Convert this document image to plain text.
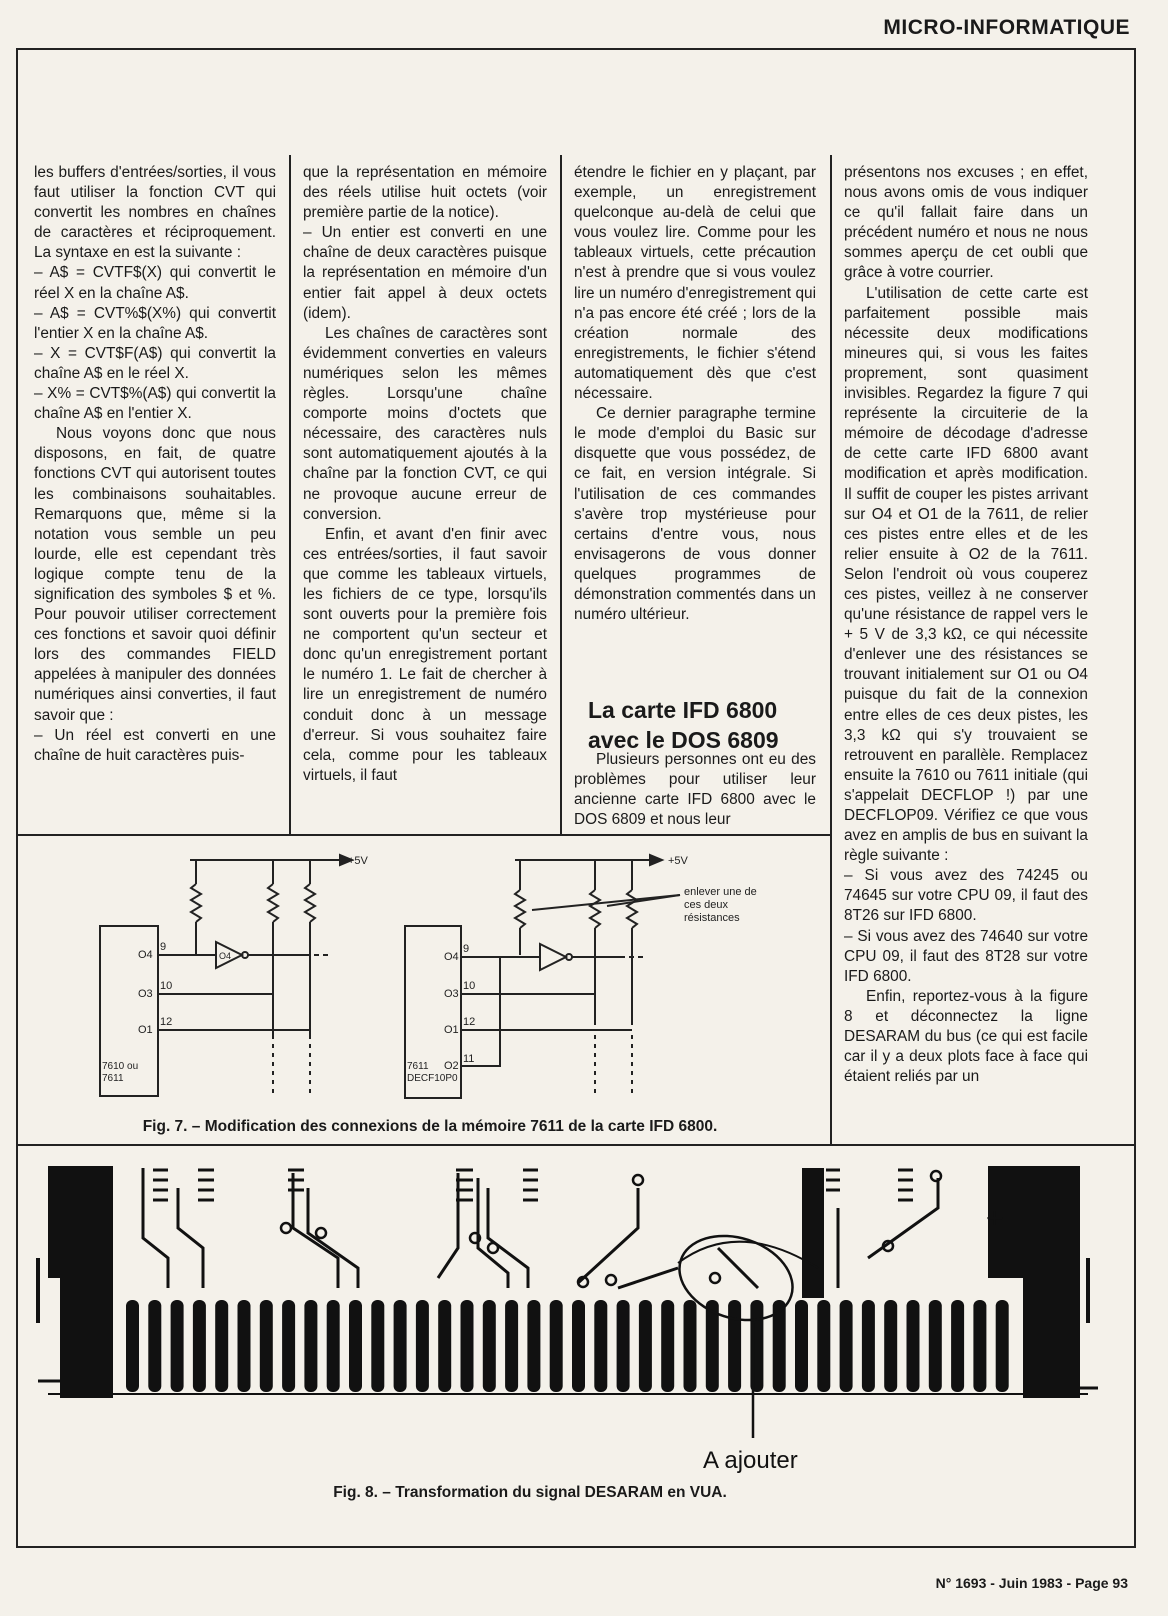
MICRO-INFORMATIQUE

les buffers d'entrées/sorties, il vous faut utiliser la fonction CVT qui convertit les nombres en chaînes de caractères et réciproquement. La syntaxe en est la suivante :

– A$ = CVTF$(X) qui convertit le réel X en la chaîne A$.

– A$ = CVT%$(X%) qui convertit l'entier X en la chaîne A$.

– X = CVT$F(A$) qui convertit la chaîne A$ en le réel X.

– X% = CVT$%(A$) qui convertit la chaîne A$ en l'entier X.

Nous voyons donc que nous disposons, en fait, de quatre fonctions CVT qui autorisent toutes les combinaisons souhaitables. Remarquons que, même si la notation vous semble un peu lourde, elle est cependant très logique compte tenu de la signification des symboles $ et %. Pour pouvoir utiliser correctement ces fonctions et savoir quoi définir lors des commandes FIELD appelées à manipuler des données numériques ainsi converties, il faut savoir que :

– Un réel est converti en une chaîne de huit caractères puis-

que la représentation en mémoire des réels utilise huit octets (voir première partie de la notice).

– Un entier est converti en une chaîne de deux caractères puisque la représentation en mémoire d'un entier fait appel à deux octets (idem).

Les chaînes de caractères sont évidemment converties en valeurs numériques selon les mêmes règles. Lorsqu'une chaîne comporte moins d'octets que nécessaire, des caractères nuls sont automatiquement ajoutés à la chaîne par la fonction CVT, ce qui ne provoque aucune erreur de conversion.

Enfin, et avant d'en finir avec ces entrées/sorties, il faut savoir que comme les tableaux virtuels, les fichiers de ce type, lorsqu'ils sont ouverts pour la première fois ne comportent qu'un secteur et donc qu'un enregistrement portant le numéro 1. Le fait de chercher à lire un enregistrement de numéro conduit donc à un message d'erreur. Si vous souhaitez faire cela, comme pour les tableaux virtuels, il faut

étendre le fichier en y plaçant, par exemple, un enregistrement quelconque au-delà de celui que vous voulez lire. Comme pour les tableaux virtuels, cette précaution n'est à prendre que si vous voulez lire un numéro d'enregistrement qui n'a pas encore été créé ; lors de la création normale des enregistrements, le fichier s'étend automatiquement dès que c'est nécessaire.

Ce dernier paragraphe termine le mode d'emploi du Basic sur disquette que vous possédez, de ce fait, en version intégrale. Si l'utilisation de ces commandes s'avère trop mystérieuse pour certains d'entre vous, nous envisagerons de vous donner quelques programmes de démonstration commentés dans un numéro ultérieur.

La carte IFD 6800 avec le DOS 6809

Plusieurs personnes ont eu des problèmes pour utiliser leur ancienne carte IFD 6800 avec le DOS 6809 et nous leur

présentons nos excuses ; en effet, nous avons omis de vous indiquer ce qu'il fallait faire dans un précédent numéro et nous ne nous sommes aperçu de cet oubli que grâce à votre courrier.

L'utilisation de cette carte est parfaitement possible mais nécessite deux modifications mineures qui, si vous les faites proprement, sont quasiment invisibles. Regardez la figure 7 qui représente la circuiterie de la mémoire de décodage d'adresse de cette carte IFD 6800 avant modification et après modification. Il suffit de couper les pistes arrivant sur O4 et O1 de la 7611, de relier ces pistes entre elles et de les relier ensuite à O2 de la 7611. Selon l'endroit où vous couperez ces pistes, veillez à ne conserver qu'une résistance de rappel vers le + 5 V de 3,3 kΩ, ce qui nécessite d'enlever une des résistances se trouvant initialement sur O1 ou O4 puisque du fait de la connexion entre elles de ces deux pistes, les 3,3 kΩ qui s'y trouvaient se retrouvent en parallèle. Remplacez ensuite la 7610 ou 7611 initiale (qui s'appelait DECFLOP !) par une DECFLOP09. Vérifiez ce que vous avez en amplis de bus en suivant la règle suivante :

– Si vous avez des 74245 ou 74645 sur votre CPU 09, il faut des 8T26 sur IFD 6800.

– Si vous avez des 74640 sur votre CPU 09, il faut des 8T28 sur votre IFD 6800.

Enfin, reportez-vous à la figure 8 et déconnectez la ligne DESARAM du bus (ce qui est facile car il y a deux plots face à face qui étaient reliés par un

+5V	+5V
O4
O3
O1
9
10
12
O4
7610 ou
7611
O4
O3
O1
O2
9
10
12
11
7611
DECF10P0
enlever une de
ces deux
résistances
Fig. 7. – Modification des connexions de la mémoire 7611 de la carte IFD 6800.
+
A ajouter
Fig. 8. – Transformation du signal DESARAM en VUA.
N° 1693 - Juin 1983 - Page 93
